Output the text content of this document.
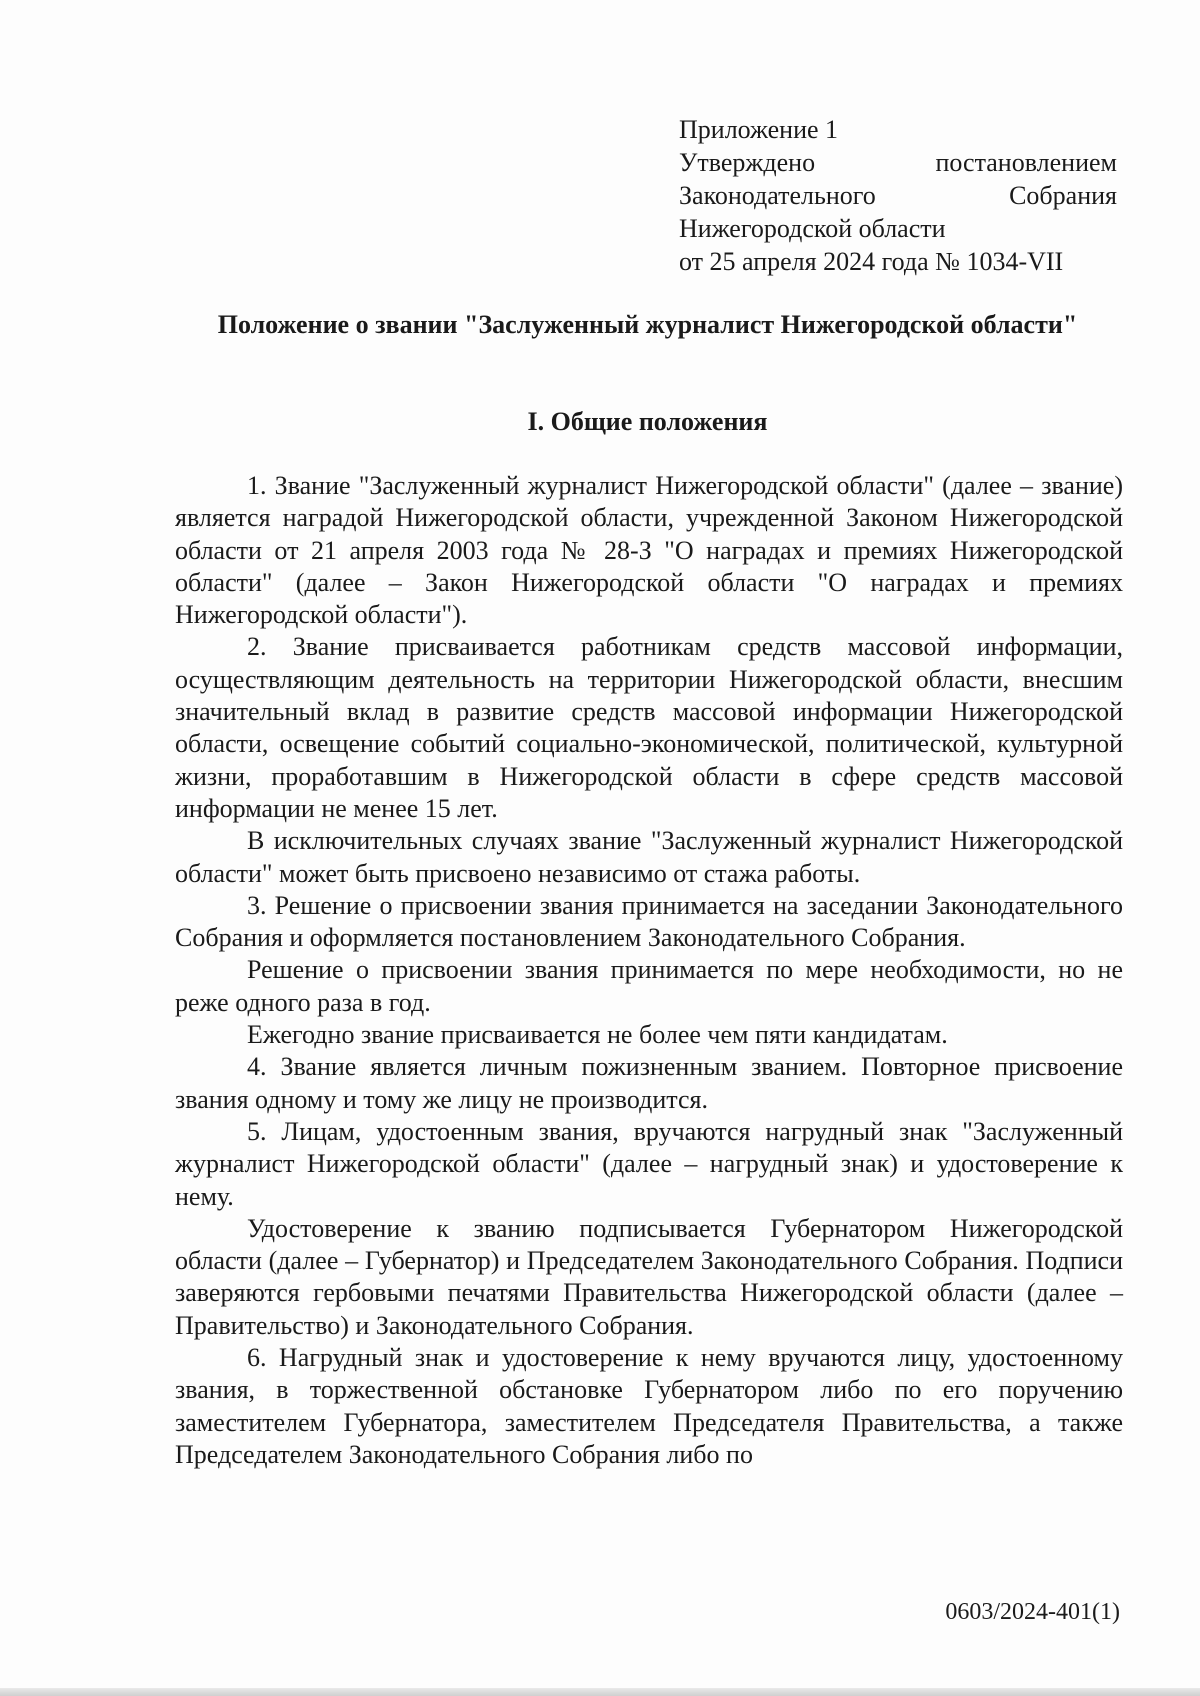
Приложение 1
Утверждено	постановлением
Законодательного	Собрания
Нижегородской области
от 25 апреля 2024 года № 1034-VII
Положение о звании "Заслуженный журналист Нижегородской области"
I. Общие положения

1. Звание "Заслуженный журналист Нижегородской области" (далее – звание) является наградой Нижегородской области, учрежденной Законом Нижегородской области от 21 апреля 2003 года № 28-З "О наградах и премиях Нижегородской области" (далее – Закон Нижегородской области "О наградах и премиях Нижегородской области").

2. Звание присваивается работникам средств массовой информации, осуществляющим деятельность на территории Нижегородской области, внесшим значительный вклад в развитие средств массовой информации Нижегородской области, освещение событий социально-экономической, политической, культурной жизни, проработавшим в Нижегородской области в сфере средств массовой информации не менее 15 лет.

В исключительных случаях звание "Заслуженный журналист Нижегородской области" может быть присвоено независимо от стажа работы.

3. Решение о присвоении звания принимается на заседании Законодательного Собрания и оформляется постановлением Законодательного Собрания.

Решение о присвоении звания принимается по мере необходимости, но не реже одного раза в год.

Ежегодно звание присваивается не более чем пяти кандидатам.

4. Звание является личным пожизненным званием. Повторное присвоение звания одному и тому же лицу не производится.

5. Лицам, удостоенным звания, вручаются нагрудный знак "Заслуженный журналист Нижегородской области" (далее – нагрудный знак) и удостоверение к нему.

Удостоверение к званию подписывается Губернатором Нижегородской области (далее – Губернатор) и Председателем Законодательного Собрания. Подписи заверяются гербовыми печатями Правительства Нижегородской области (далее – Правительство) и Законодательного Собрания.

6. Нагрудный знак и удостоверение к нему вручаются лицу, удостоенному звания, в торжественной обстановке Губернатором либо по его поручению заместителем Губернатора, заместителем Председателя Правительства, а также Председателем Законодательного Собрания либо по

0603/2024-401(1)
